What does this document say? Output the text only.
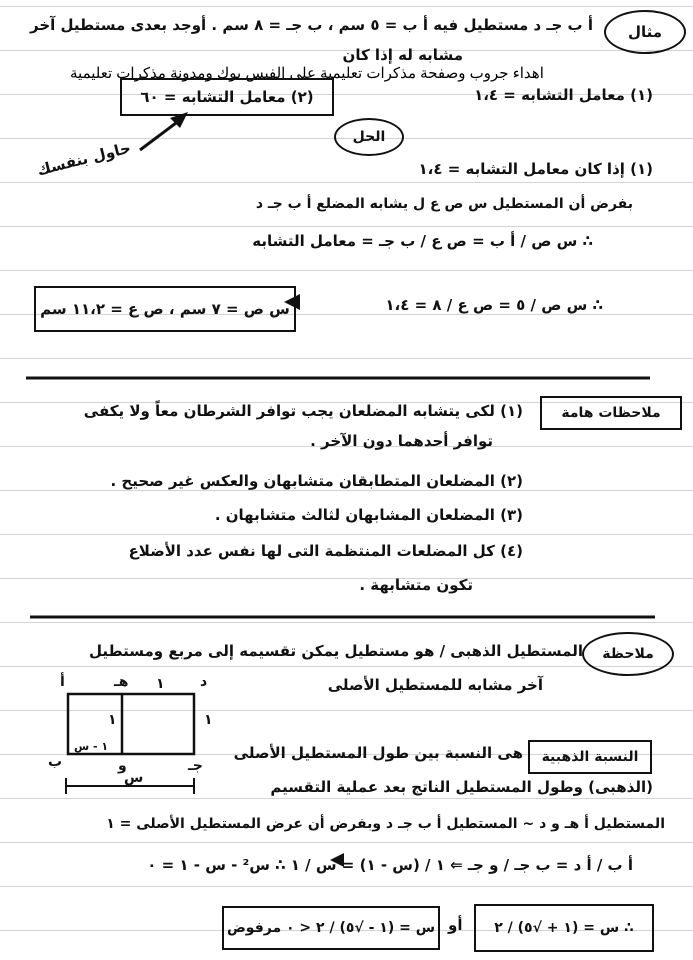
مثال
أ ب جـ د مستطيل فيه أ ب = ٥ سم ، ب جـ = ٨ سم . أوجد بعدى مستطيل آخر
مشابه له إذا كان
اهداء جروب وصفحة مذكرات تعليمية على الفيس بوك ومدونة مذكرات تعليمية
(٢) معامل التشابه = ٦٠	(١) معامل التشابه = ١،٤
الحل
حاول بنفسك	(١) إذا كان معامل التشابه = ١،٤
بفرض أن المستطيل س ص ع ل يشابه المضلع أ ب جـ د
∴ س ص / أ ب = ص ع / ب جـ = معامل التشابه
س ص = ٧ سم ، ص ع = ١١،٢ سم	∴ س ص / ٥ = ص ع / ٨ = ١،٤
ملاحظات هامة
(١) لكى يتشابه المضلعان يجب توافر الشرطان معاً ولا يكفى
توافر أحدهما دون الآخر .
(٢) المضلعان المتطابقان متشابهان والعكس غير صحيح .
(٣) المضلعان المشابهان لثالث متشابهان .
(٤) كل المضلعات المنتظمة التى لها نفس عدد الأضلاع
تكون متشابهة .
ملاحظة
المستطيل الذهبى / هو مستطيل يمكن تقسيمه إلى مربع ومستطيل
آخر مشابه للمستطيل الأصلى
أ	هـ ١	د
١	١
١ - س
ب	و	جـ
س
النسبة الذهبية
هى النسبة بين طول المستطيل الأصلى
(الذهبى) وطول المستطيل الناتج بعد عملية التقسيم
المستطيل أ هـ و د ~ المستطيل أ ب جـ د وبفرض أن عرض المستطيل الأصلى = ١
أ ب / أ د = ب جـ / و جـ ⇐ ١ / (س - ١) = س / ١ ∴ س² - س - ١ = ٠
∴ س = (١ + √٥) / ٢
أو
س = (١ - √٥) / ٢ < ٠ مرفوض
